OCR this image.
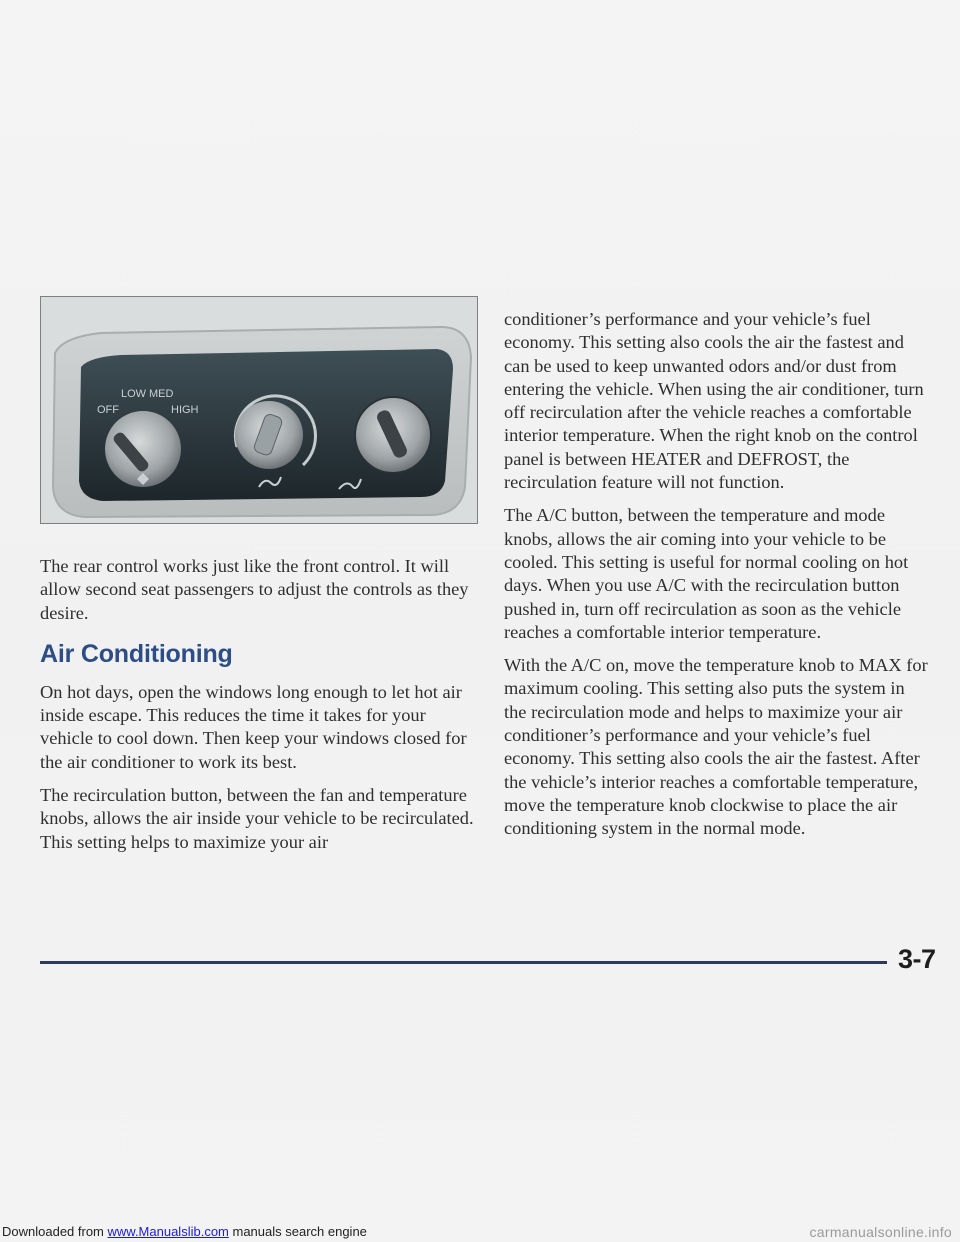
OFF
LOW MED
HIGH

The rear control works just like the front control. It will allow second seat passengers to adjust the controls as they desire.

Air Conditioning

On hot days, open the windows long enough to let hot air inside escape. This reduces the time it takes for your vehicle to cool down. Then keep your windows closed for the air conditioner to work its best.

The recirculation button, between the fan and temperature knobs, allows the air inside your vehicle to be recirculated. This setting helps to maximize your air

conditioner’s performance and your vehicle’s fuel economy. This setting also cools the air the fastest and can be used to keep unwanted odors and/or dust from entering the vehicle. When using the air conditioner, turn off recirculation after the vehicle reaches a comfortable interior temperature. When the right knob on the control panel is between HEATER and DEFROST, the recirculation feature will not function.

The A/C button, between the temperature and mode knobs, allows the air coming into your vehicle to be cooled. This setting is useful for normal cooling on hot days. When you use A/C with the recirculation button pushed in, turn off recirculation as soon as the vehicle reaches a comfortable interior temperature.

With the A/C on, move the temperature knob to MAX for maximum cooling. This setting also puts the system in the recirculation mode and helps to maximize your air conditioner’s performance and your vehicle’s fuel economy. This setting also cools the air the fastest. After the vehicle’s interior reaches a comfortable temperature, move the temperature knob clockwise to place the air conditioning system in the normal mode.

3-7
Downloaded from www.Manualslib.com manuals search engine	carmanualsonline.info
